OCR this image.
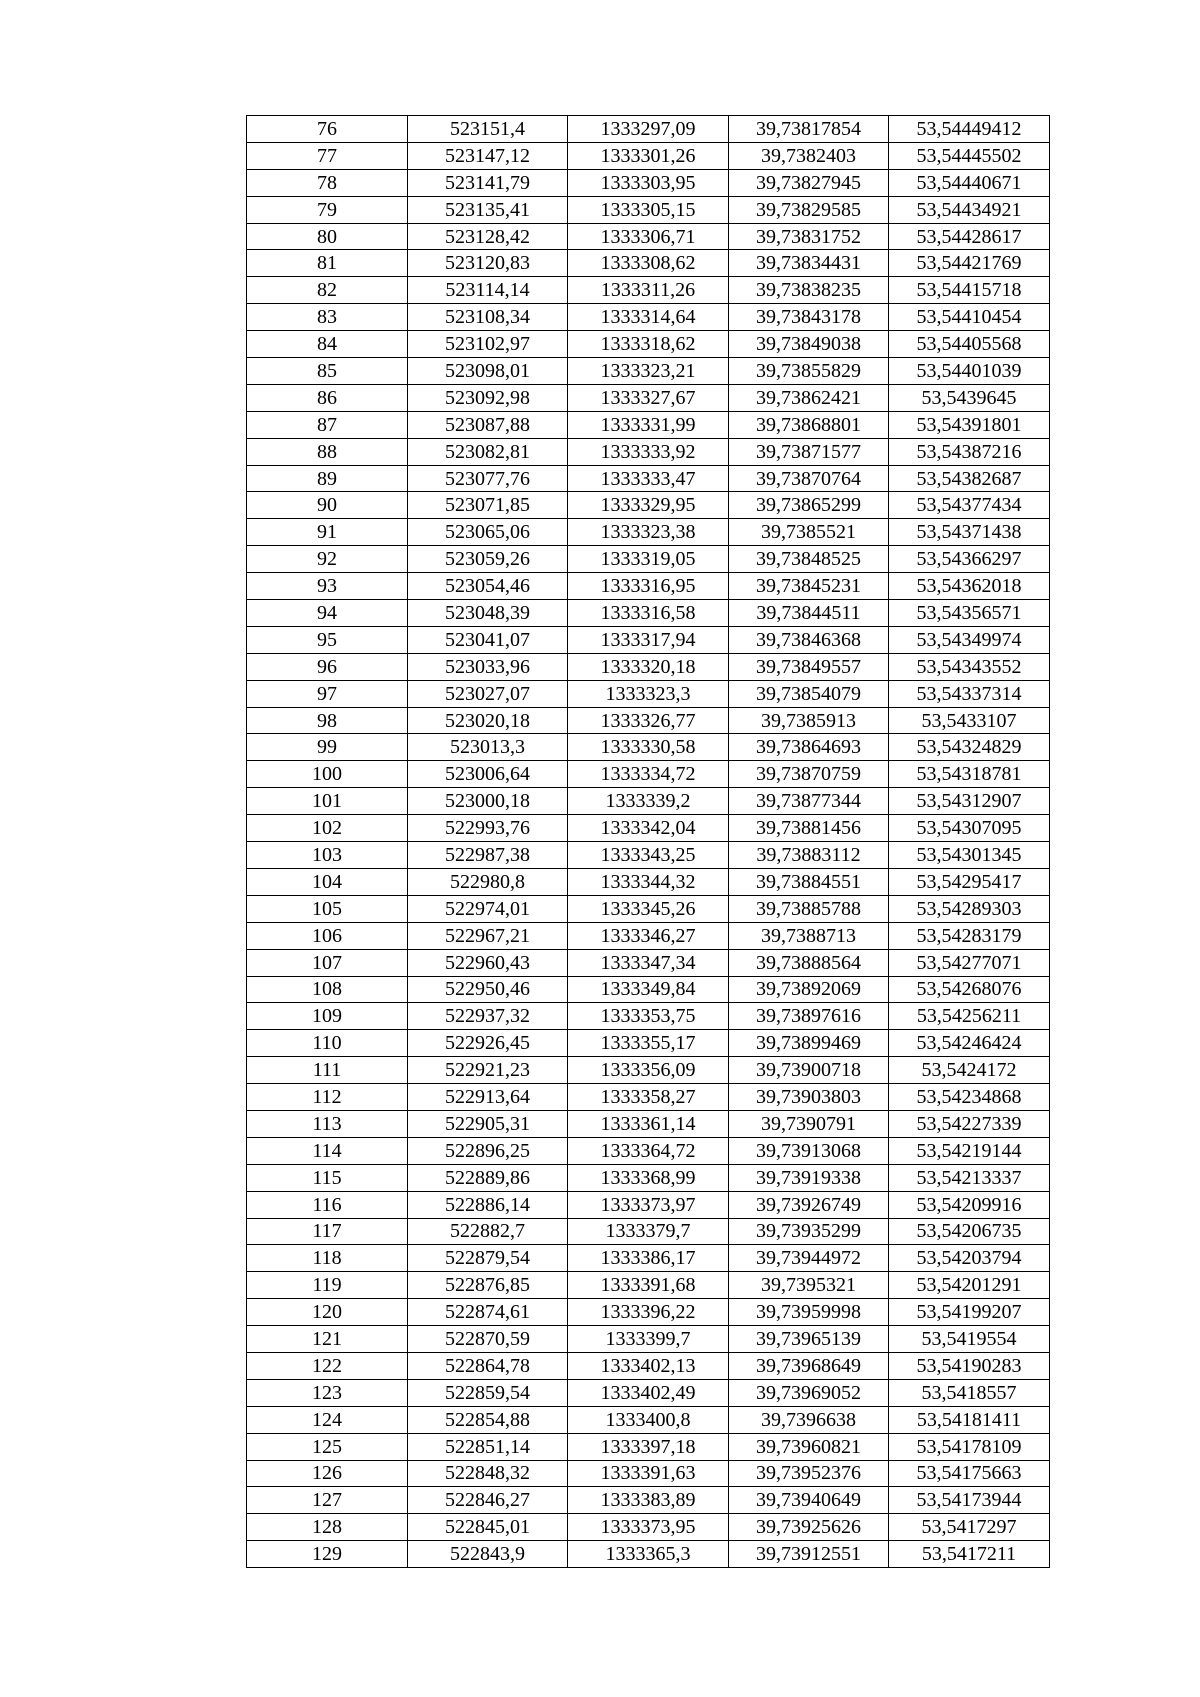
76	523151,4	1333297,09	39,73817854	53,54449412
77	523147,12	1333301,26	39,7382403	53,54445502
78	523141,79	1333303,95	39,73827945	53,54440671
79	523135,41	1333305,15	39,73829585	53,54434921
80	523128,42	1333306,71	39,73831752	53,54428617
81	523120,83	1333308,62	39,73834431	53,54421769
82	523114,14	1333311,26	39,73838235	53,54415718
83	523108,34	1333314,64	39,73843178	53,54410454
84	523102,97	1333318,62	39,73849038	53,54405568
85	523098,01	1333323,21	39,73855829	53,54401039
86	523092,98	1333327,67	39,73862421	53,5439645
87	523087,88	1333331,99	39,73868801	53,54391801
88	523082,81	1333333,92	39,73871577	53,54387216
89	523077,76	1333333,47	39,73870764	53,54382687
90	523071,85	1333329,95	39,73865299	53,54377434
91	523065,06	1333323,38	39,7385521	53,54371438
92	523059,26	1333319,05	39,73848525	53,54366297
93	523054,46	1333316,95	39,73845231	53,54362018
94	523048,39	1333316,58	39,73844511	53,54356571
95	523041,07	1333317,94	39,73846368	53,54349974
96	523033,96	1333320,18	39,73849557	53,54343552
97	523027,07	1333323,3	39,73854079	53,54337314
98	523020,18	1333326,77	39,7385913	53,5433107
99	523013,3	1333330,58	39,73864693	53,54324829
100	523006,64	1333334,72	39,73870759	53,54318781
101	523000,18	1333339,2	39,73877344	53,54312907
102	522993,76	1333342,04	39,73881456	53,54307095
103	522987,38	1333343,25	39,73883112	53,54301345
104	522980,8	1333344,32	39,73884551	53,54295417
105	522974,01	1333345,26	39,73885788	53,54289303
106	522967,21	1333346,27	39,7388713	53,54283179
107	522960,43	1333347,34	39,73888564	53,54277071
108	522950,46	1333349,84	39,73892069	53,54268076
109	522937,32	1333353,75	39,73897616	53,54256211
110	522926,45	1333355,17	39,73899469	53,54246424
111	522921,23	1333356,09	39,73900718	53,5424172
112	522913,64	1333358,27	39,73903803	53,54234868
113	522905,31	1333361,14	39,7390791	53,54227339
114	522896,25	1333364,72	39,73913068	53,54219144
115	522889,86	1333368,99	39,73919338	53,54213337
116	522886,14	1333373,97	39,73926749	53,54209916
117	522882,7	1333379,7	39,73935299	53,54206735
118	522879,54	1333386,17	39,73944972	53,54203794
119	522876,85	1333391,68	39,7395321	53,54201291
120	522874,61	1333396,22	39,73959998	53,54199207
121	522870,59	1333399,7	39,73965139	53,5419554
122	522864,78	1333402,13	39,73968649	53,54190283
123	522859,54	1333402,49	39,73969052	53,5418557
124	522854,88	1333400,8	39,7396638	53,54181411
125	522851,14	1333397,18	39,73960821	53,54178109
126	522848,32	1333391,63	39,73952376	53,54175663
127	522846,27	1333383,89	39,73940649	53,54173944
128	522845,01	1333373,95	39,73925626	53,5417297
129	522843,9	1333365,3	39,73912551	53,5417211
